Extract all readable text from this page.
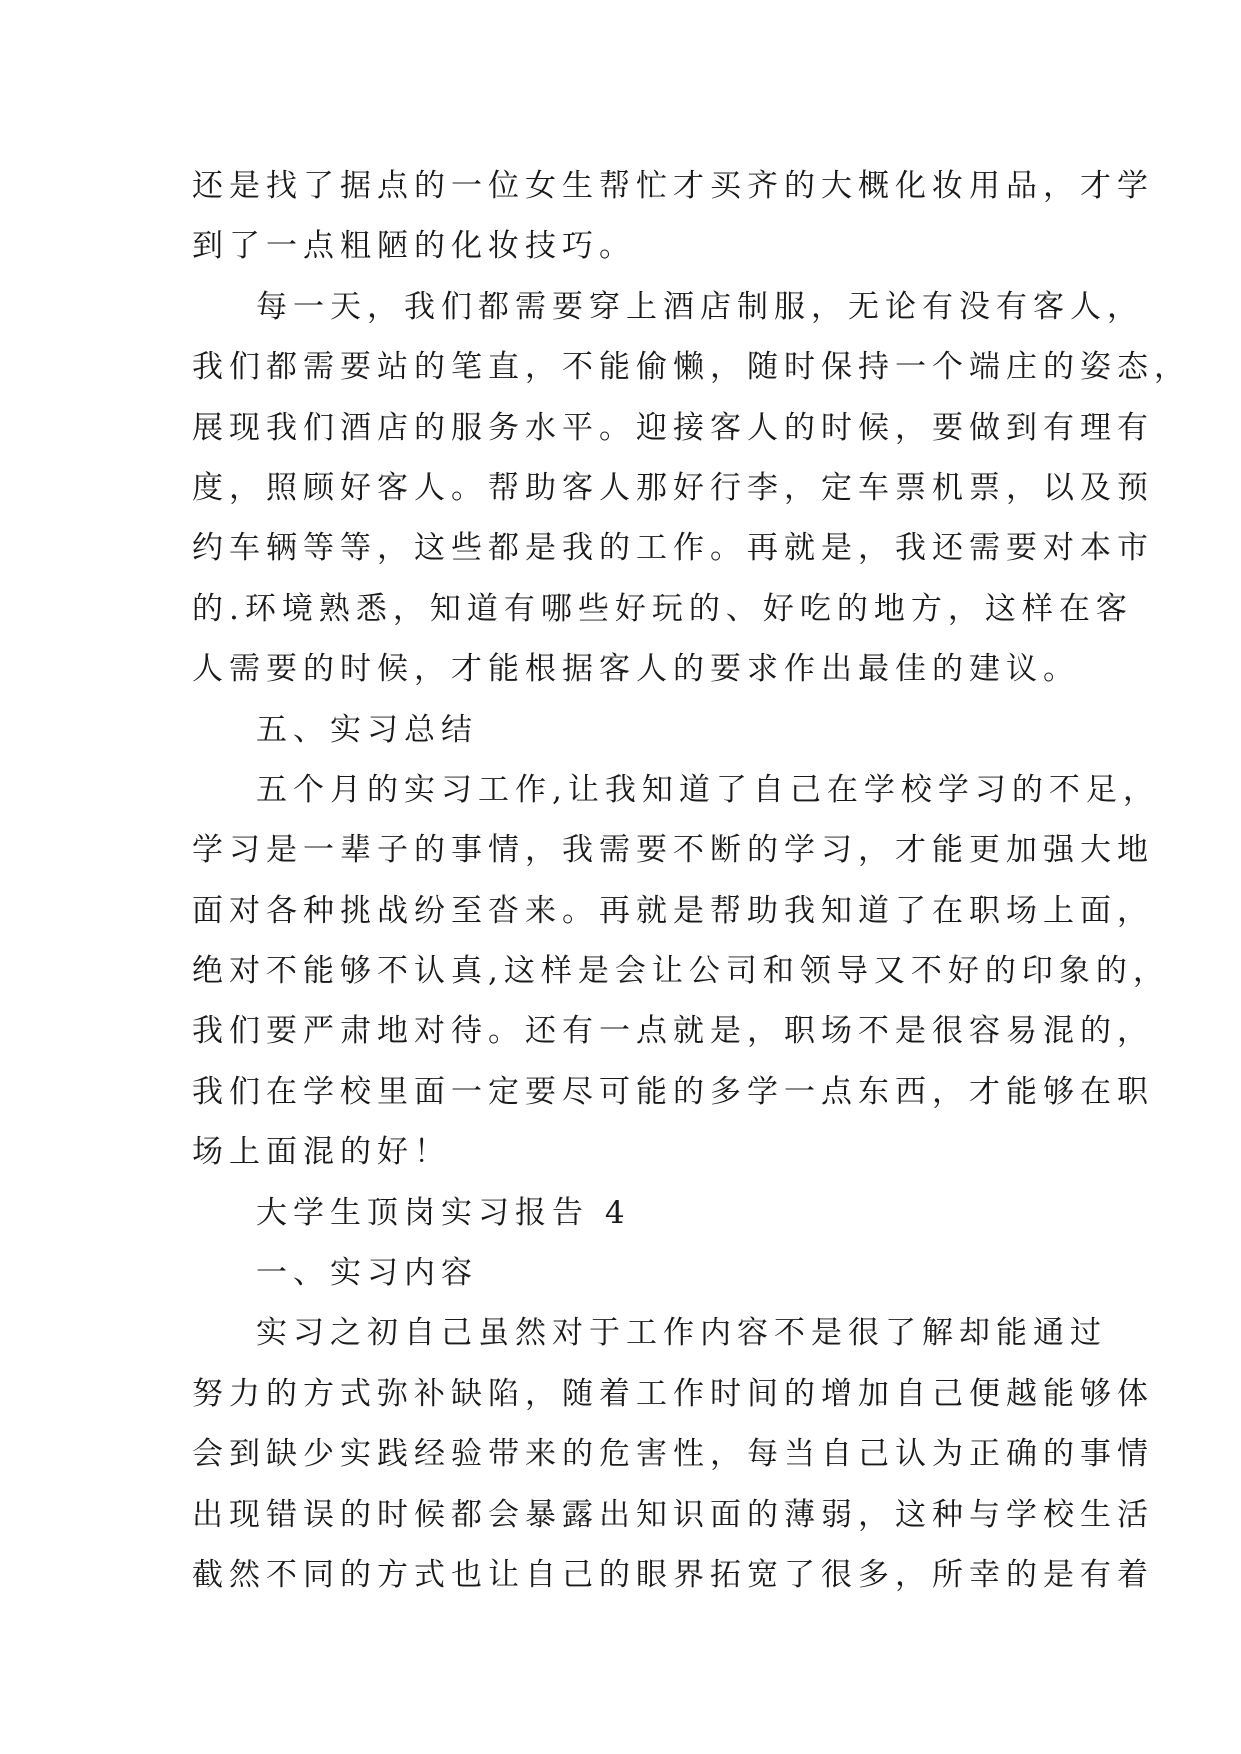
还是找了据点的一位女生帮忙才买齐的大概化妆用品，才学
到了一点粗陋的化妆技巧。
每一天，我们都需要穿上酒店制服，无论有没有客人，
我们都需要站的笔直，不能偷懒，随时保持一个端庄的姿态，
展现我们酒店的服务水平。迎接客人的时候，要做到有理有
度，照顾好客人。帮助客人那好行李，定车票机票，以及预
约车辆等等，这些都是我的工作。再就是，我还需要对本市
的.环境熟悉，知道有哪些好玩的、好吃的地方，这样在客
人需要的时候，才能根据客人的要求作出最佳的建议。
五、实习总结
五个月的实习工作,让我知道了自己在学校学习的不足，
学习是一辈子的事情，我需要不断的学习，才能更加强大地
面对各种挑战纷至沓来。再就是帮助我知道了在职场上面，
绝对不能够不认真,这样是会让公司和领导又不好的印象的，
我们要严肃地对待。还有一点就是，职场不是很容易混的，
我们在学校里面一定要尽可能的多学一点东西，才能够在职
场上面混的好！
大学生顶岗实习报告 4
一、实习内容
实习之初自己虽然对于工作内容不是很了解却能通过
努力的方式弥补缺陷，随着工作时间的增加自己便越能够体
会到缺少实践经验带来的危害性，每当自己认为正确的事情
出现错误的时候都会暴露出知识面的薄弱，这种与学校生活
截然不同的方式也让自己的眼界拓宽了很多，所幸的是有着
